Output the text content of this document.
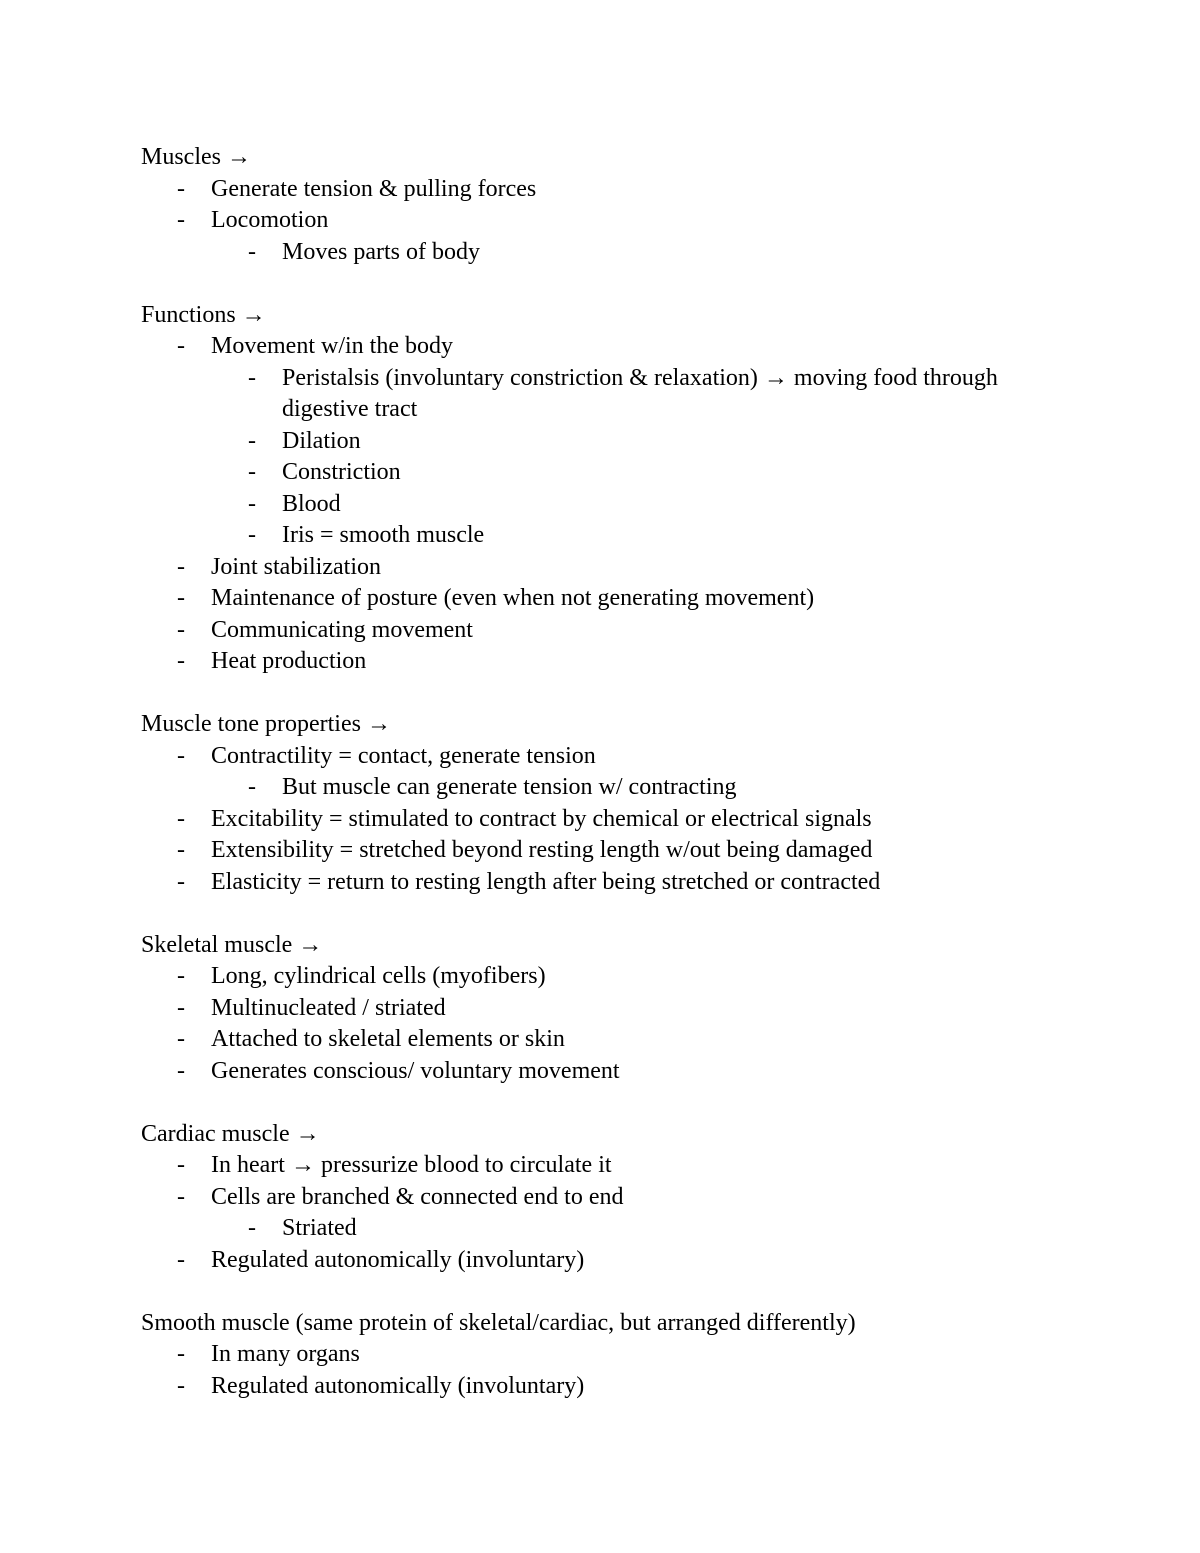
Muscles →
- Generate tension & pulling forces
- Locomotion
- Moves parts of body
Functions →
- Movement w/in the body
- Peristalsis (involuntary constriction & relaxation) → moving food through digestive tract
- Dilation
- Constriction
- Blood
- Iris = smooth muscle
- Joint stabilization
- Maintenance of posture (even when not generating movement)
- Communicating movement
- Heat production
Muscle tone properties →
- Contractility = contact, generate tension
- But muscle can generate tension w/ contracting
- Excitability = stimulated to contract by chemical or electrical signals
- Extensibility = stretched beyond resting length w/out being damaged
- Elasticity = return to resting length after being stretched or contracted
Skeletal muscle →
- Long, cylindrical cells (myofibers)
- Multinucleated / striated
- Attached to skeletal elements or skin
- Generates conscious/ voluntary movement
Cardiac muscle →
- In heart → pressurize blood to circulate it
- Cells are branched & connected end to end
- Striated
- Regulated autonomically (involuntary)
Smooth muscle (same protein of skeletal/cardiac, but arranged differently)
- In many organs
- Regulated autonomically (involuntary)
